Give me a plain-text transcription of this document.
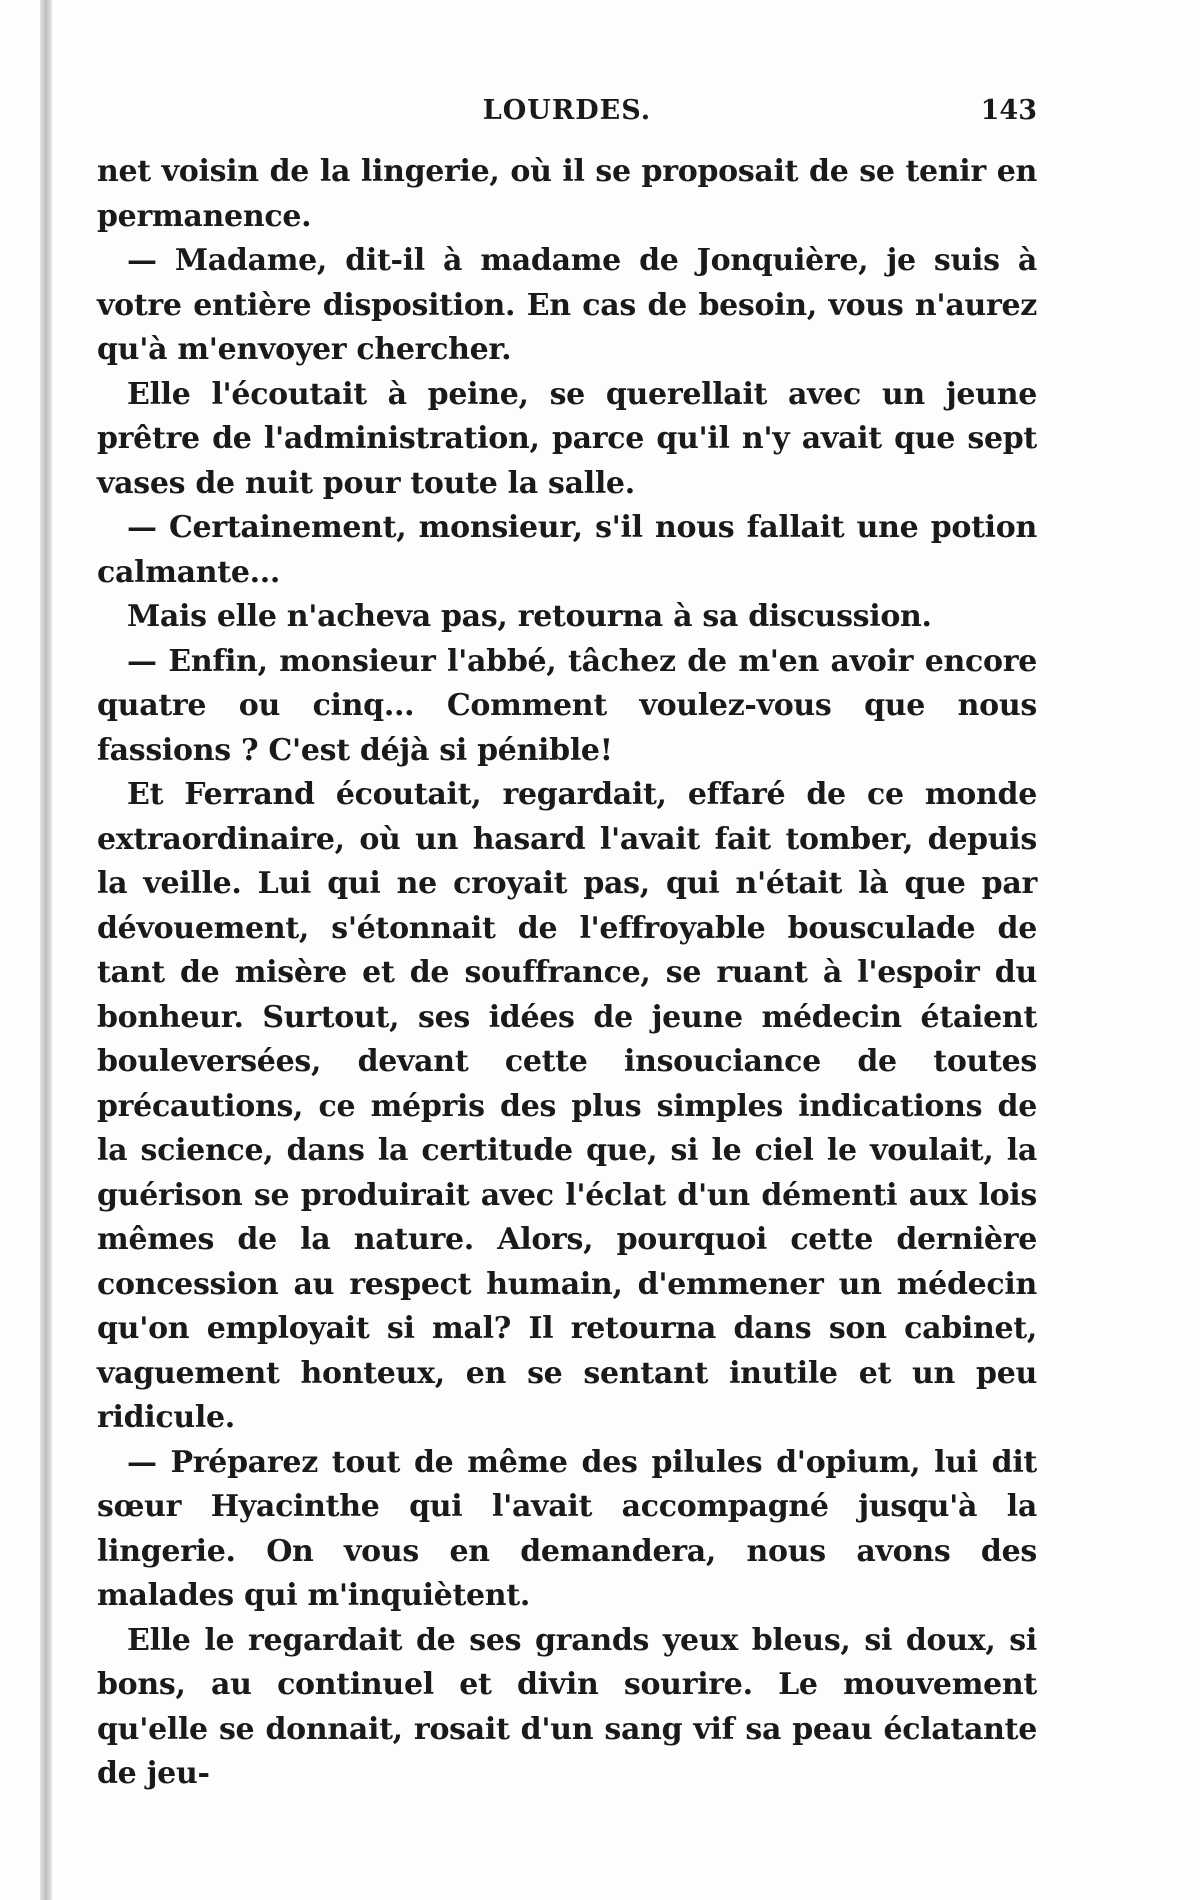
LOURDES.	143

net voisin de la lingerie, où il se proposait de se tenir en permanence.

— Madame, dit-il à madame de Jonquière, je suis à votre entière disposition. En cas de besoin, vous n'aurez qu'à m'envoyer chercher.

Elle l'écoutait à peine, se querellait avec un jeune prêtre de l'administration, parce qu'il n'y avait que sept vases de nuit pour toute la salle.

— Certainement, monsieur, s'il nous fallait une potion calmante...

Mais elle n'acheva pas, retourna à sa discussion.

— Enfin, monsieur l'abbé, tâchez de m'en avoir encore quatre ou cinq... Comment voulez-vous que nous fassions ? C'est déjà si pénible!

Et Ferrand écoutait, regardait, effaré de ce monde extraordinaire, où un hasard l'avait fait tomber, depuis la veille. Lui qui ne croyait pas, qui n'était là que par dévouement, s'étonnait de l'effroyable bousculade de tant de misère et de souffrance, se ruant à l'espoir du bonheur. Surtout, ses idées de jeune médecin étaient bouleversées, devant cette insouciance de toutes précautions, ce mépris des plus simples indications de la science, dans la certitude que, si le ciel le voulait, la guérison se produirait avec l'éclat d'un démenti aux lois mêmes de la nature. Alors, pourquoi cette dernière concession au respect humain, d'emmener un médecin qu'on employait si mal? Il retourna dans son cabinet, vaguement honteux, en se sentant inutile et un peu ridicule.

— Préparez tout de même des pilules d'opium, lui dit sœur Hyacinthe qui l'avait accompagné jusqu'à la lingerie. On vous en demandera, nous avons des malades qui m'inquiètent.

Elle le regardait de ses grands yeux bleus, si doux, si bons, au continuel et divin sourire. Le mouvement qu'elle se donnait, rosait d'un sang vif sa peau éclatante de jeu-
